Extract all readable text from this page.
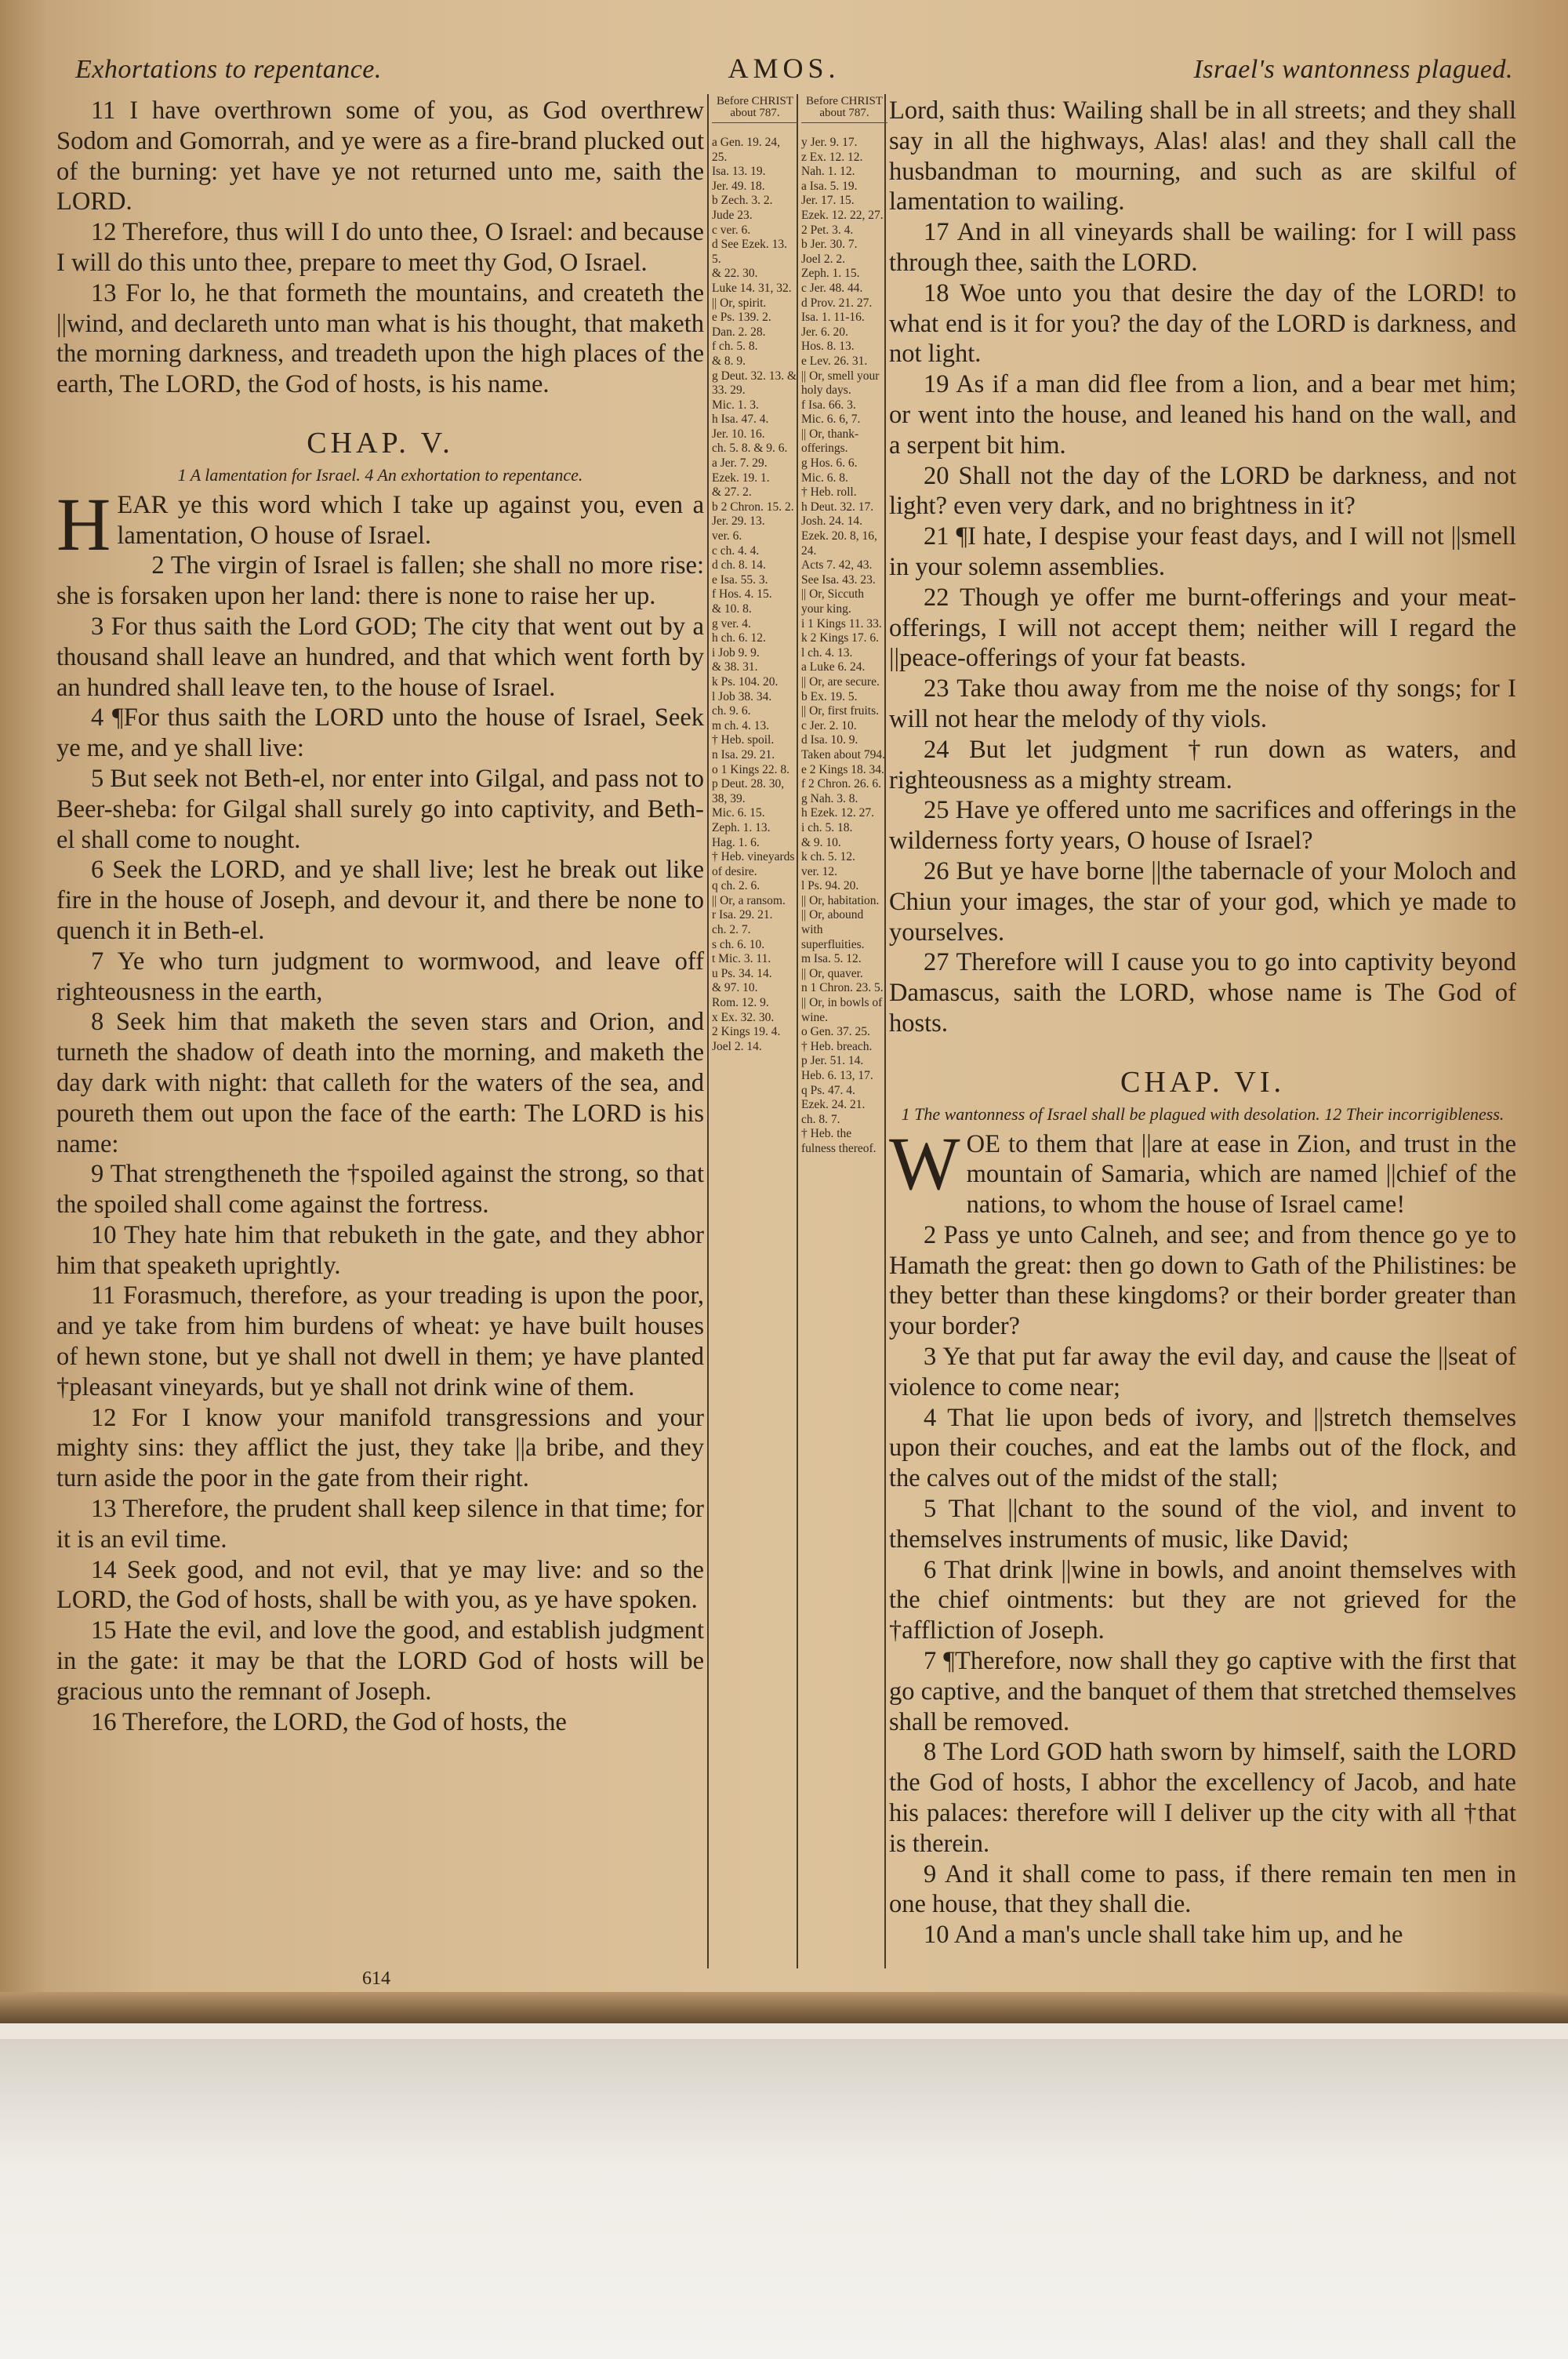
Exhortations to repentance.	AMOS.	Israel's wantonness plagued.

11 I have overthrown some of you, as God overthrew Sodom and Gomorrah, and ye were as a fire-brand plucked out of the burning: yet have ye not returned unto me, saith the LORD.

12 Therefore, thus will I do unto thee, O Israel: and because I will do this unto thee, prepare to meet thy God, O Israel.

13 For lo, he that formeth the mountains, and createth the ||wind, and declareth unto man what is his thought, that maketh the morning darkness, and treadeth upon the high places of the earth, The LORD, the God of hosts, is his name.

CHAP. V.
1 A lamentation for Israel. 4 An exhortation to repentance.

HEAR ye this word which I take up against you, even a lamentation, O house of Israel.

2 The virgin of Israel is fallen; she shall no more rise: she is forsaken upon her land: there is none to raise her up.

3 For thus saith the Lord GOD; The city that went out by a thousand shall leave an hundred, and that which went forth by an hundred shall leave ten, to the house of Israel.

4 ¶For thus saith the LORD unto the house of Israel, Seek ye me, and ye shall live:

5 But seek not Beth-el, nor enter into Gilgal, and pass not to Beer-sheba: for Gilgal shall surely go into captivity, and Beth-el shall come to nought.

6 Seek the LORD, and ye shall live; lest he break out like fire in the house of Joseph, and devour it, and there be none to quench it in Beth-el.

7 Ye who turn judgment to wormwood, and leave off righteousness in the earth,

8 Seek him that maketh the seven stars and Orion, and turneth the shadow of death into the morning, and maketh the day dark with night: that calleth for the waters of the sea, and poureth them out upon the face of the earth: The LORD is his name:

9 That strengtheneth the †spoiled against the strong, so that the spoiled shall come against the fortress.

10 They hate him that rebuketh in the gate, and they abhor him that speaketh uprightly.

11 Forasmuch, therefore, as your treading is upon the poor, and ye take from him burdens of wheat: ye have built houses of hewn stone, but ye shall not dwell in them; ye have planted †pleasant vineyards, but ye shall not drink wine of them.

12 For I know your manifold transgressions and your mighty sins: they afflict the just, they take ||a bribe, and they turn aside the poor in the gate from their right.

13 Therefore, the prudent shall keep silence in that time; for it is an evil time.

14 Seek good, and not evil, that ye may live: and so the LORD, the God of hosts, shall be with you, as ye have spoken.

15 Hate the evil, and love the good, and establish judgment in the gate: it may be that the LORD God of hosts will be gracious unto the remnant of Joseph.

16 Therefore, the LORD, the God of hosts, the

Before CHRIST about 787.
a Gen. 19. 24, 25.
Isa. 13. 19.
Jer. 49. 18.
b Zech. 3. 2.
Jude 23.
c ver. 6.
d See Ezek. 13. 5.
& 22. 30.
Luke 14. 31, 32.
|| Or, spirit.
e Ps. 139. 2.
Dan. 2. 28.
f ch. 5. 8.
& 8. 9.
g Deut. 32. 13. & 33. 29.
Mic. 1. 3.
h Isa. 47. 4.
Jer. 10. 16.
ch. 5. 8. & 9. 6.
a Jer. 7. 29.
Ezek. 19. 1.
& 27. 2.
b 2 Chron. 15. 2.
Jer. 29. 13.
ver. 6.
c ch. 4. 4.
d ch. 8. 14.
e Isa. 55. 3.
f Hos. 4. 15.
& 10. 8.
g ver. 4.
h ch. 6. 12.
i Job 9. 9.
& 38. 31.
k Ps. 104. 20.
l Job 38. 34.
ch. 9. 6.
m ch. 4. 13.
† Heb. spoil.
n Isa. 29. 21.
o 1 Kings 22. 8.
p Deut. 28. 30, 38, 39.
Mic. 6. 15.
Zeph. 1. 13.
Hag. 1. 6.
† Heb. vineyards of desire.
q ch. 2. 6.
|| Or, a ransom.
r Isa. 29. 21.
ch. 2. 7.
s ch. 6. 10.
t Mic. 3. 11.
u Ps. 34. 14.
& 97. 10.
Rom. 12. 9.
x Ex. 32. 30.
2 Kings 19. 4.
Joel 2. 14.
Before CHRIST about 787.
y Jer. 9. 17.
z Ex. 12. 12.
Nah. 1. 12.
a Isa. 5. 19.
Jer. 17. 15.
Ezek. 12. 22, 27.
2 Pet. 3. 4.
b Jer. 30. 7.
Joel 2. 2.
Zeph. 1. 15.
c Jer. 48. 44.
d Prov. 21. 27.
Isa. 1. 11-16.
Jer. 6. 20.
Hos. 8. 13.
e Lev. 26. 31.
|| Or, smell your holy days.
f Isa. 66. 3.
Mic. 6. 6, 7.
|| Or, thank-offerings.
g Hos. 6. 6.
Mic. 6. 8.
† Heb. roll.
h Deut. 32. 17.
Josh. 24. 14.
Ezek. 20. 8, 16, 24.
Acts 7. 42, 43.
See Isa. 43. 23.
|| Or, Siccuth your king.
i 1 Kings 11. 33.
k 2 Kings 17. 6.
l ch. 4. 13.
a Luke 6. 24.
|| Or, are secure.
b Ex. 19. 5.
|| Or, first fruits.
c Jer. 2. 10.
d Isa. 10. 9.
Taken about 794.
e 2 Kings 18. 34.
f 2 Chron. 26. 6.
g Nah. 3. 8.
h Ezek. 12. 27.
i ch. 5. 18.
& 9. 10.
k ch. 5. 12.
ver. 12.
l Ps. 94. 20.
|| Or, habitation.
|| Or, abound with superfluities.
m Isa. 5. 12.
|| Or, quaver.
n 1 Chron. 23. 5.
|| Or, in bowls of wine.
o Gen. 37. 25.
† Heb. breach.
p Jer. 51. 14.
Heb. 6. 13, 17.
q Ps. 47. 4.
Ezek. 24. 21.
ch. 8. 7.
† Heb. the fulness thereof.

Lord, saith thus: Wailing shall be in all streets; and they shall say in all the highways, Alas! alas! and they shall call the husbandman to mourning, and such as are skilful of lamentation to wailing.

17 And in all vineyards shall be wailing: for I will pass through thee, saith the LORD.

18 Woe unto you that desire the day of the LORD! to what end is it for you? the day of the LORD is darkness, and not light.

19 As if a man did flee from a lion, and a bear met him; or went into the house, and leaned his hand on the wall, and a serpent bit him.

20 Shall not the day of the LORD be darkness, and not light? even very dark, and no brightness in it?

21 ¶I hate, I despise your feast days, and I will not ||smell in your solemn assemblies.

22 Though ye offer me burnt-offerings and your meat-offerings, I will not accept them; neither will I regard the ||peace-offerings of your fat beasts.

23 Take thou away from me the noise of thy songs; for I will not hear the melody of thy viols.

24 But let judgment †run down as waters, and righteousness as a mighty stream.

25 Have ye offered unto me sacrifices and offerings in the wilderness forty years, O house of Israel?

26 But ye have borne ||the tabernacle of your Moloch and Chiun your images, the star of your god, which ye made to yourselves.

27 Therefore will I cause you to go into captivity beyond Damascus, saith the LORD, whose name is The God of hosts.

CHAP. VI.
1 The wantonness of Israel shall be plagued with desolation. 12 Their incorrigibleness.

WOE to them that ||are at ease in Zion, and trust in the mountain of Samaria, which are named ||chief of the nations, to whom the house of Israel came!

2 Pass ye unto Calneh, and see; and from thence go ye to Hamath the great: then go down to Gath of the Philistines: be they better than these kingdoms? or their border greater than your border?

3 Ye that put far away the evil day, and cause the ||seat of violence to come near;

4 That lie upon beds of ivory, and ||stretch themselves upon their couches, and eat the lambs out of the flock, and the calves out of the midst of the stall;

5 That ||chant to the sound of the viol, and invent to themselves instruments of music, like David;

6 That drink ||wine in bowls, and anoint themselves with the chief ointments: but they are not grieved for the †affliction of Joseph.

7 ¶Therefore, now shall they go captive with the first that go captive, and the banquet of them that stretched themselves shall be removed.

8 The Lord GOD hath sworn by himself, saith the LORD the God of hosts, I abhor the excellency of Jacob, and hate his palaces: therefore will I deliver up the city with all †that is therein.

9 And it shall come to pass, if there remain ten men in one house, that they shall die.

10 And a man's uncle shall take him up, and he

614
